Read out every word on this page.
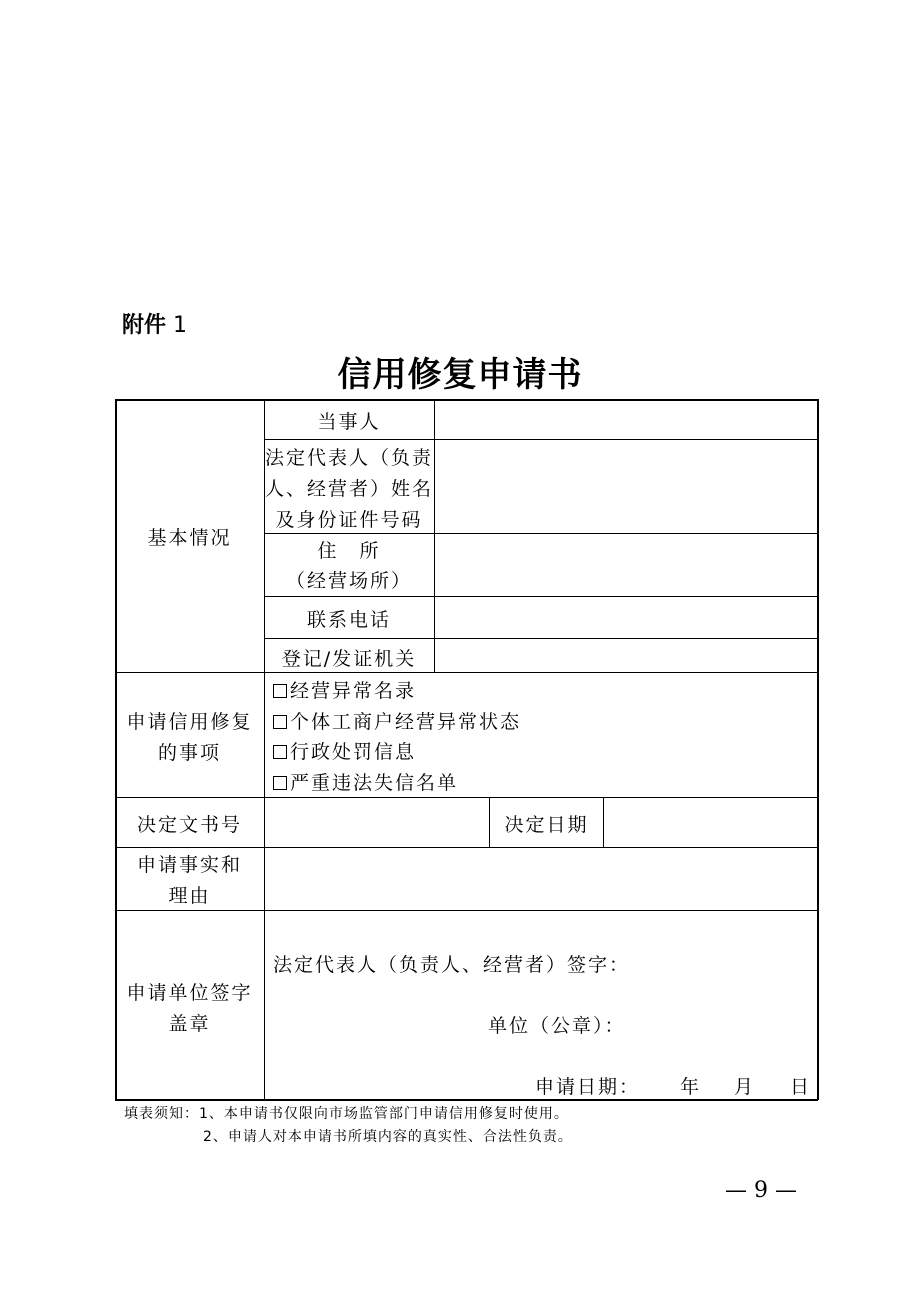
附件 1
信用修复申请书
基本情况
当事人
法定代表人（负责
人、经营者）姓名
及身份证件号码
住　所
（经营场所）
联系电话
登记/发证机关
申请信用修复
的事项
经营异常名录
个体工商户经营异常状态
行政处罚信息
严重违法失信名单
决定文书号	决定日期
申请事实和
理由
申请单位签字
盖章
法定代表人（负责人、经营者）签字：
单位（公章）：
申请日期： 年 月 日
填表须知：1、本申请书仅限向市场监管部门申请信用修复时使用。
2、申请人对本申请书所填内容的真实性、合法性负责。
— 9 —
